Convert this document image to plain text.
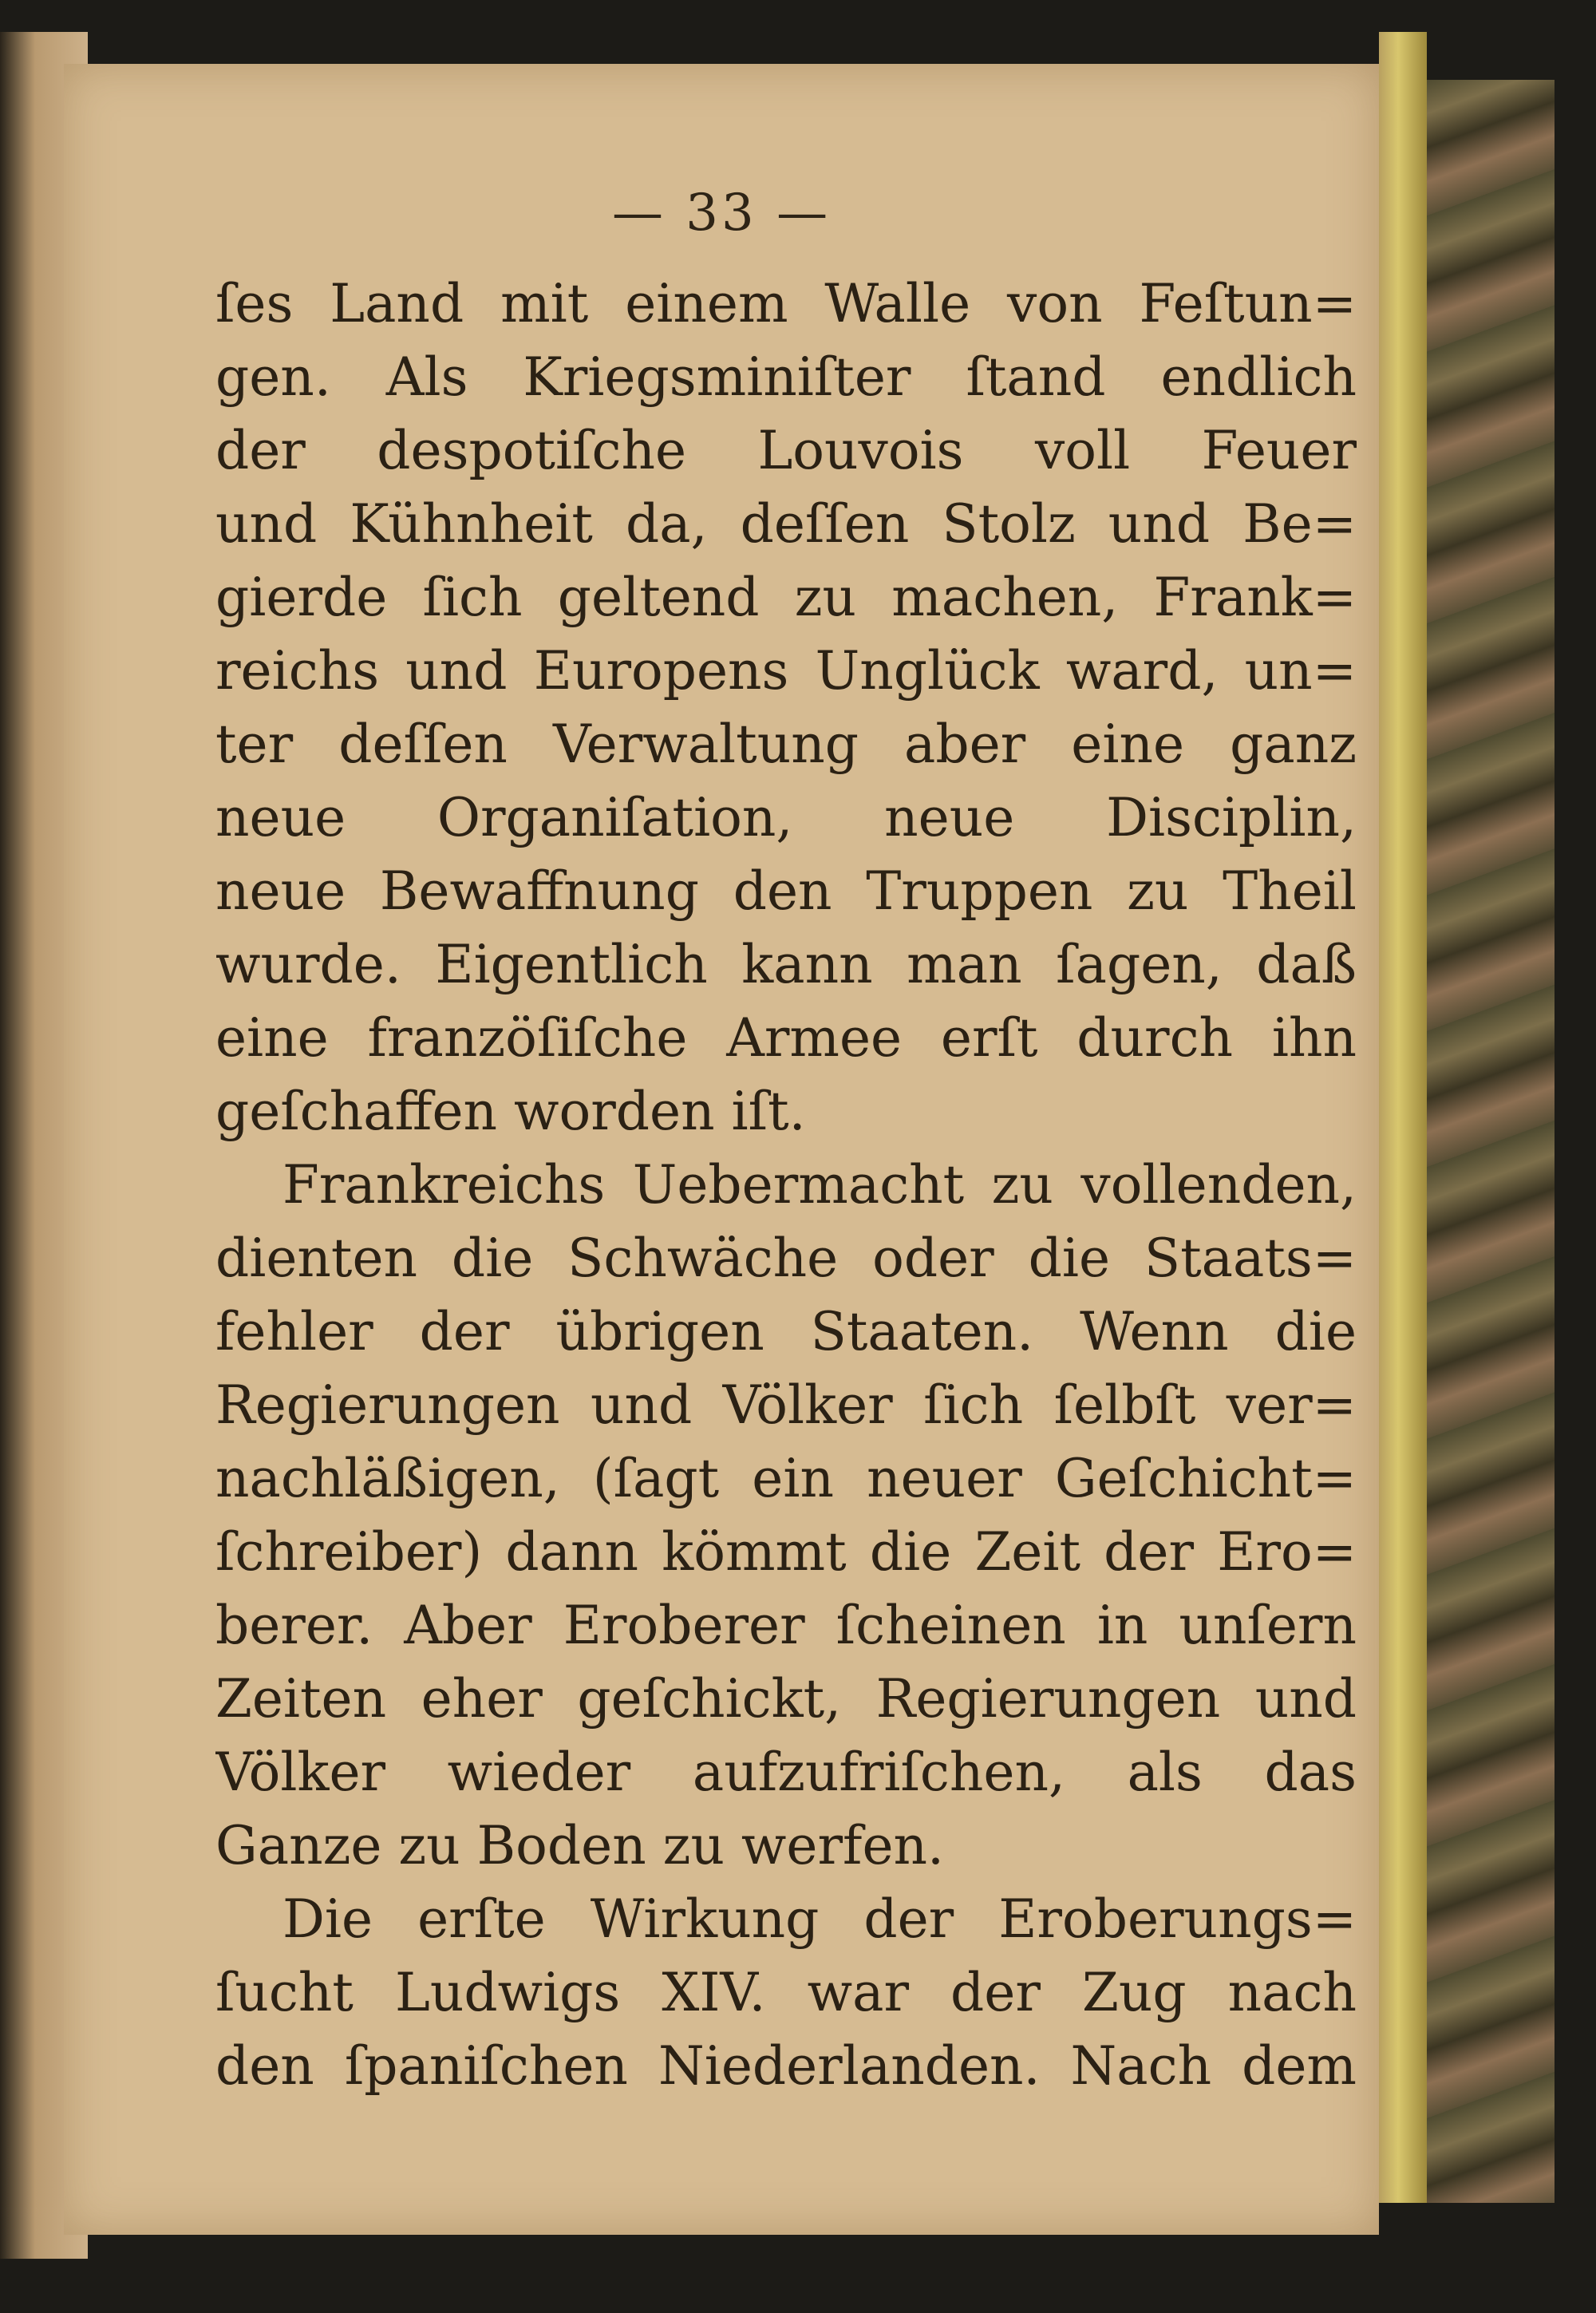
— 33 —
ſes Land mit einem Walle von Feſtun=
gen. Als Kriegsminiſter ſtand endlich
der despotiſche Louvois voll Feuer
und Kühnheit da, deſſen Stolz und Be=
gierde ſich geltend zu machen, Frank=
reichs und Europens Unglück ward, un=
ter deſſen Verwaltung aber eine ganz
neue Organiſation, neue Disciplin,
neue Bewaffnung den Truppen zu Theil
wurde. Eigentlich kann man ſagen, daß
eine franzöſiſche Armee erſt durch ihn
geſchaffen worden iſt.
Frankreichs Uebermacht zu vollenden,
dienten die Schwäche oder die Staats=
fehler der übrigen Staaten. Wenn die
Regierungen und Völker ſich ſelbſt ver=
nachläßigen, (ſagt ein neuer Geſchicht=
ſchreiber) dann kömmt die Zeit der Ero=
berer. Aber Eroberer ſcheinen in unſern
Zeiten eher geſchickt, Regierungen und
Völker wieder aufzufriſchen, als das
Ganze zu Boden zu werfen.
Die erſte Wirkung der Eroberungs=
ſucht Ludwigs XIV. war der Zug nach
den ſpaniſchen Niederlanden. Nach dem
